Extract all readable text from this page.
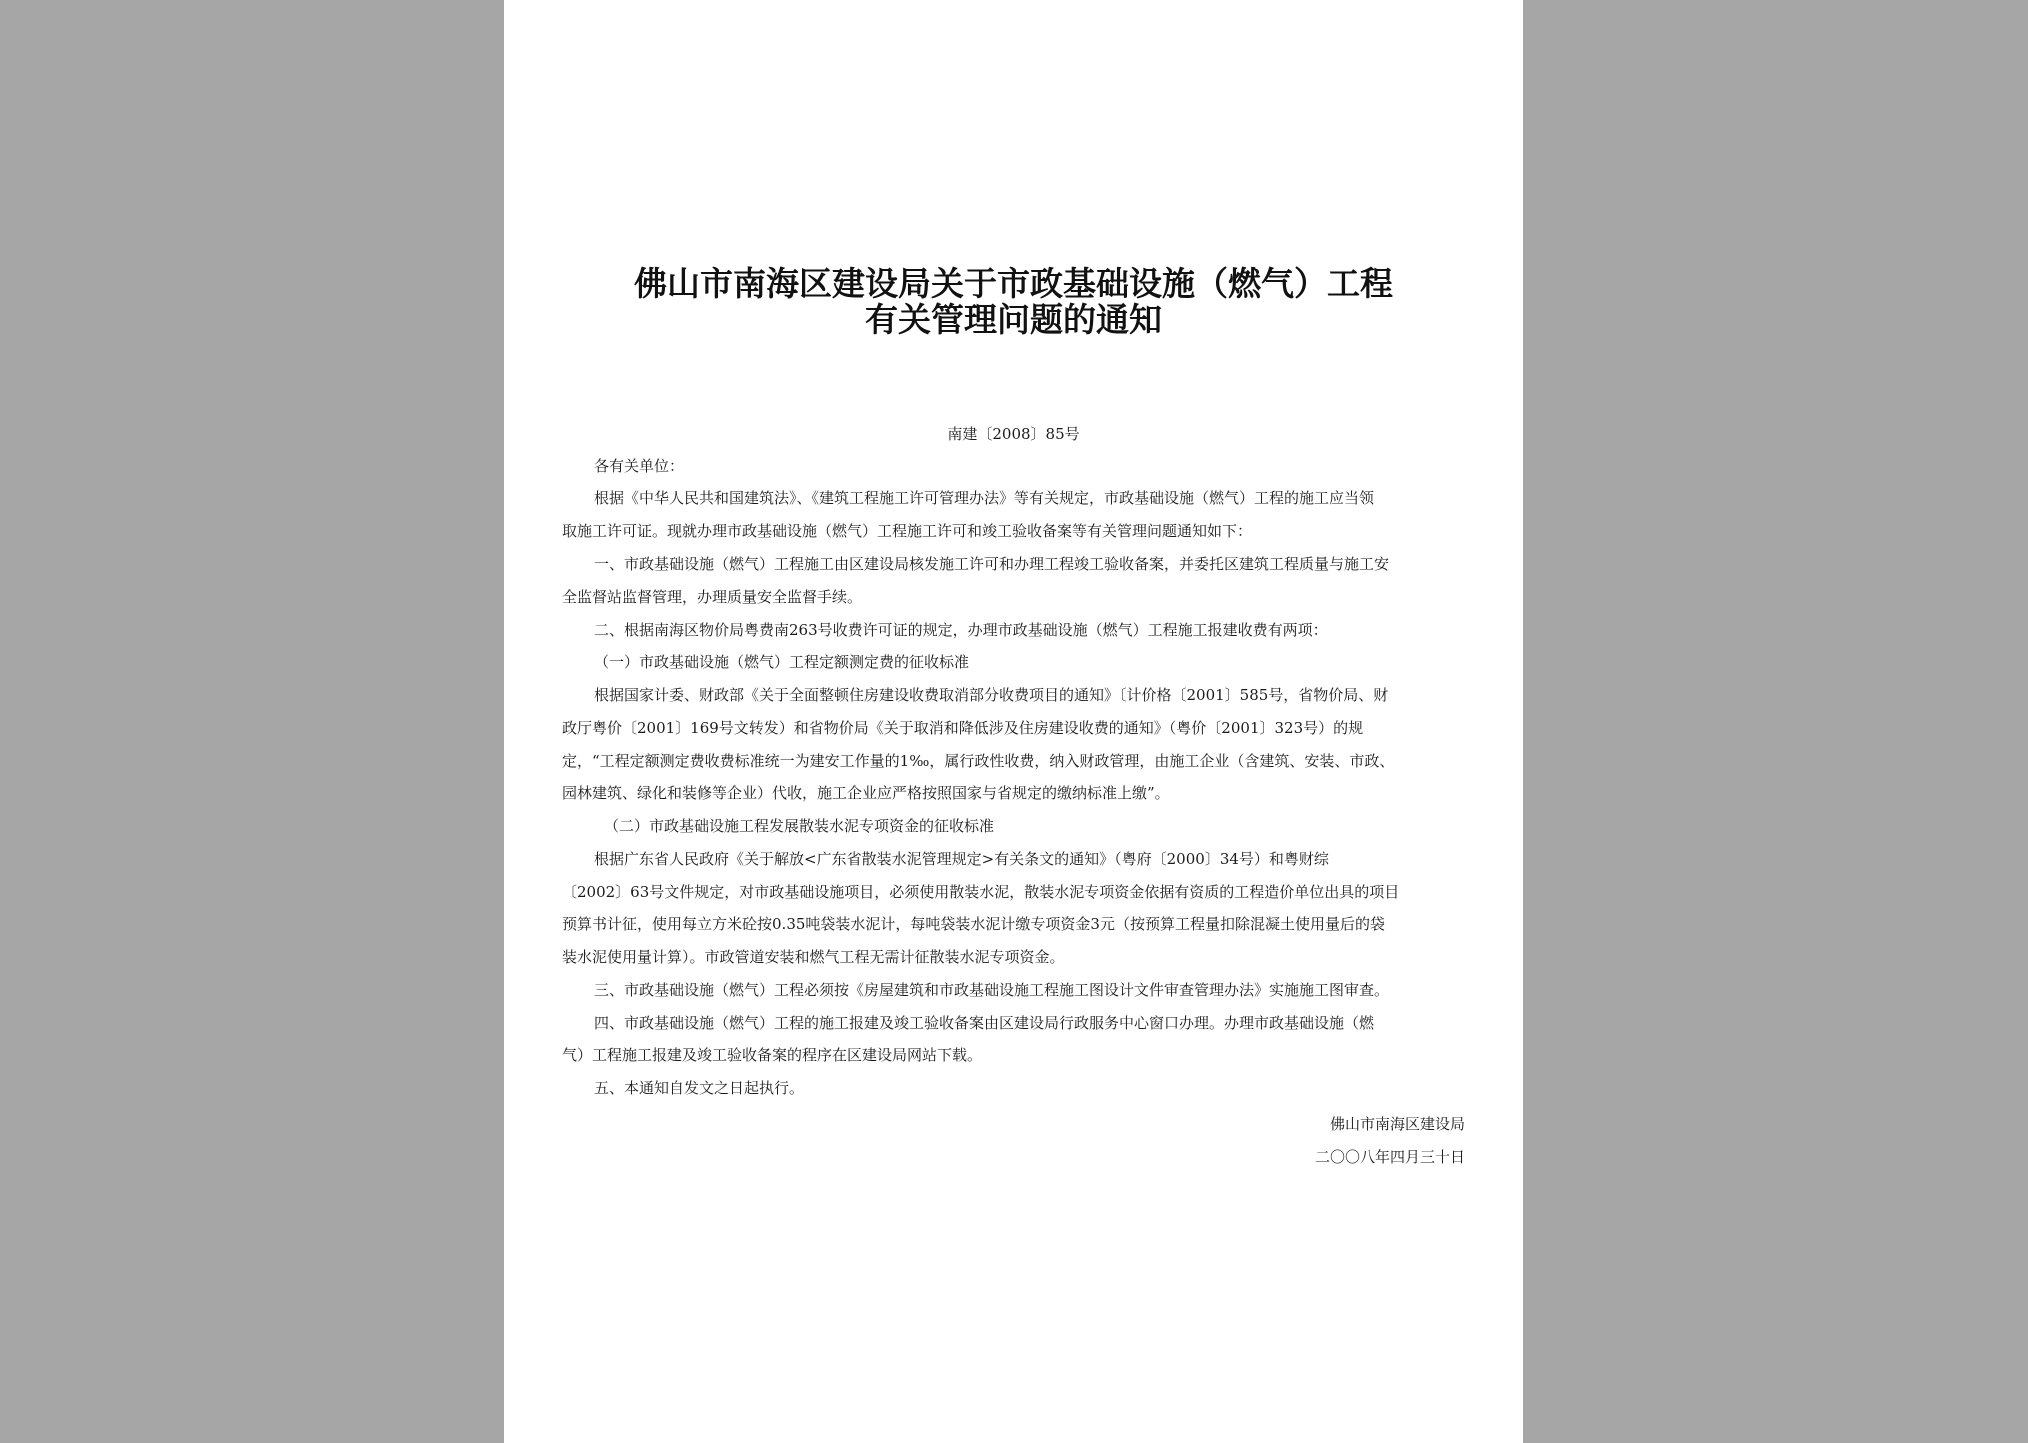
佛山市南海区建设局关于市政基础设施（燃气）工程
有关管理问题的通知
南建〔2008〕85号
各有关单位：
根据《中华人民共和国建筑法》、《建筑工程施工许可管理办法》等有关规定，市政基础设施（燃气）工程的施工应当领
取施工许可证。现就办理市政基础设施（燃气）工程施工许可和竣工验收备案等有关管理问题通知如下：
一、市政基础设施（燃气）工程施工由区建设局核发施工许可和办理工程竣工验收备案，并委托区建筑工程质量与施工安
全监督站监督管理，办理质量安全监督手续。
二、根据南海区物价局粤费南263号收费许可证的规定，办理市政基础设施（燃气）工程施工报建收费有两项：
（一）市政基础设施（燃气）工程定额测定费的征收标准
根据国家计委、财政部《关于全面整顿住房建设收费取消部分收费项目的通知》〔计价格〔2001〕585号，省物价局、财
政厅粤价〔2001〕169号文转发）和省物价局《关于取消和降低涉及住房建设收费的通知》（粤价〔2001〕323号）的规
定，“工程定额测定费收费标准统一为建安工作量的1‰，属行政性收费，纳入财政管理，由施工企业（含建筑、安装、市政、
园林建筑、绿化和装修等企业）代收，施工企业应严格按照国家与省规定的缴纳标准上缴”。
（二）市政基础设施工程发展散装水泥专项资金的征收标准
根据广东省人民政府《关于解放<广东省散装水泥管理规定>有关条文的通知》（粤府〔2000〕34号）和粤财综
〔2002〕63号文件规定，对市政基础设施项目，必须使用散装水泥，散装水泥专项资金依据有资质的工程造价单位出具的项目
预算书计征，使用每立方米砼按0.35吨袋装水泥计，每吨袋装水泥计缴专项资金3元（按预算工程量扣除混凝土使用量后的袋
装水泥使用量计算）。市政管道安装和燃气工程无需计征散装水泥专项资金。
三、市政基础设施（燃气）工程必须按《房屋建筑和市政基础设施工程施工图设计文件审查管理办法》实施施工图审查。
四、市政基础设施（燃气）工程的施工报建及竣工验收备案由区建设局行政服务中心窗口办理。办理市政基础设施（燃
气）工程施工报建及竣工验收备案的程序在区建设局网站下载。
五、本通知自发文之日起执行。
佛山市南海区建设局
二〇〇八年四月三十日
